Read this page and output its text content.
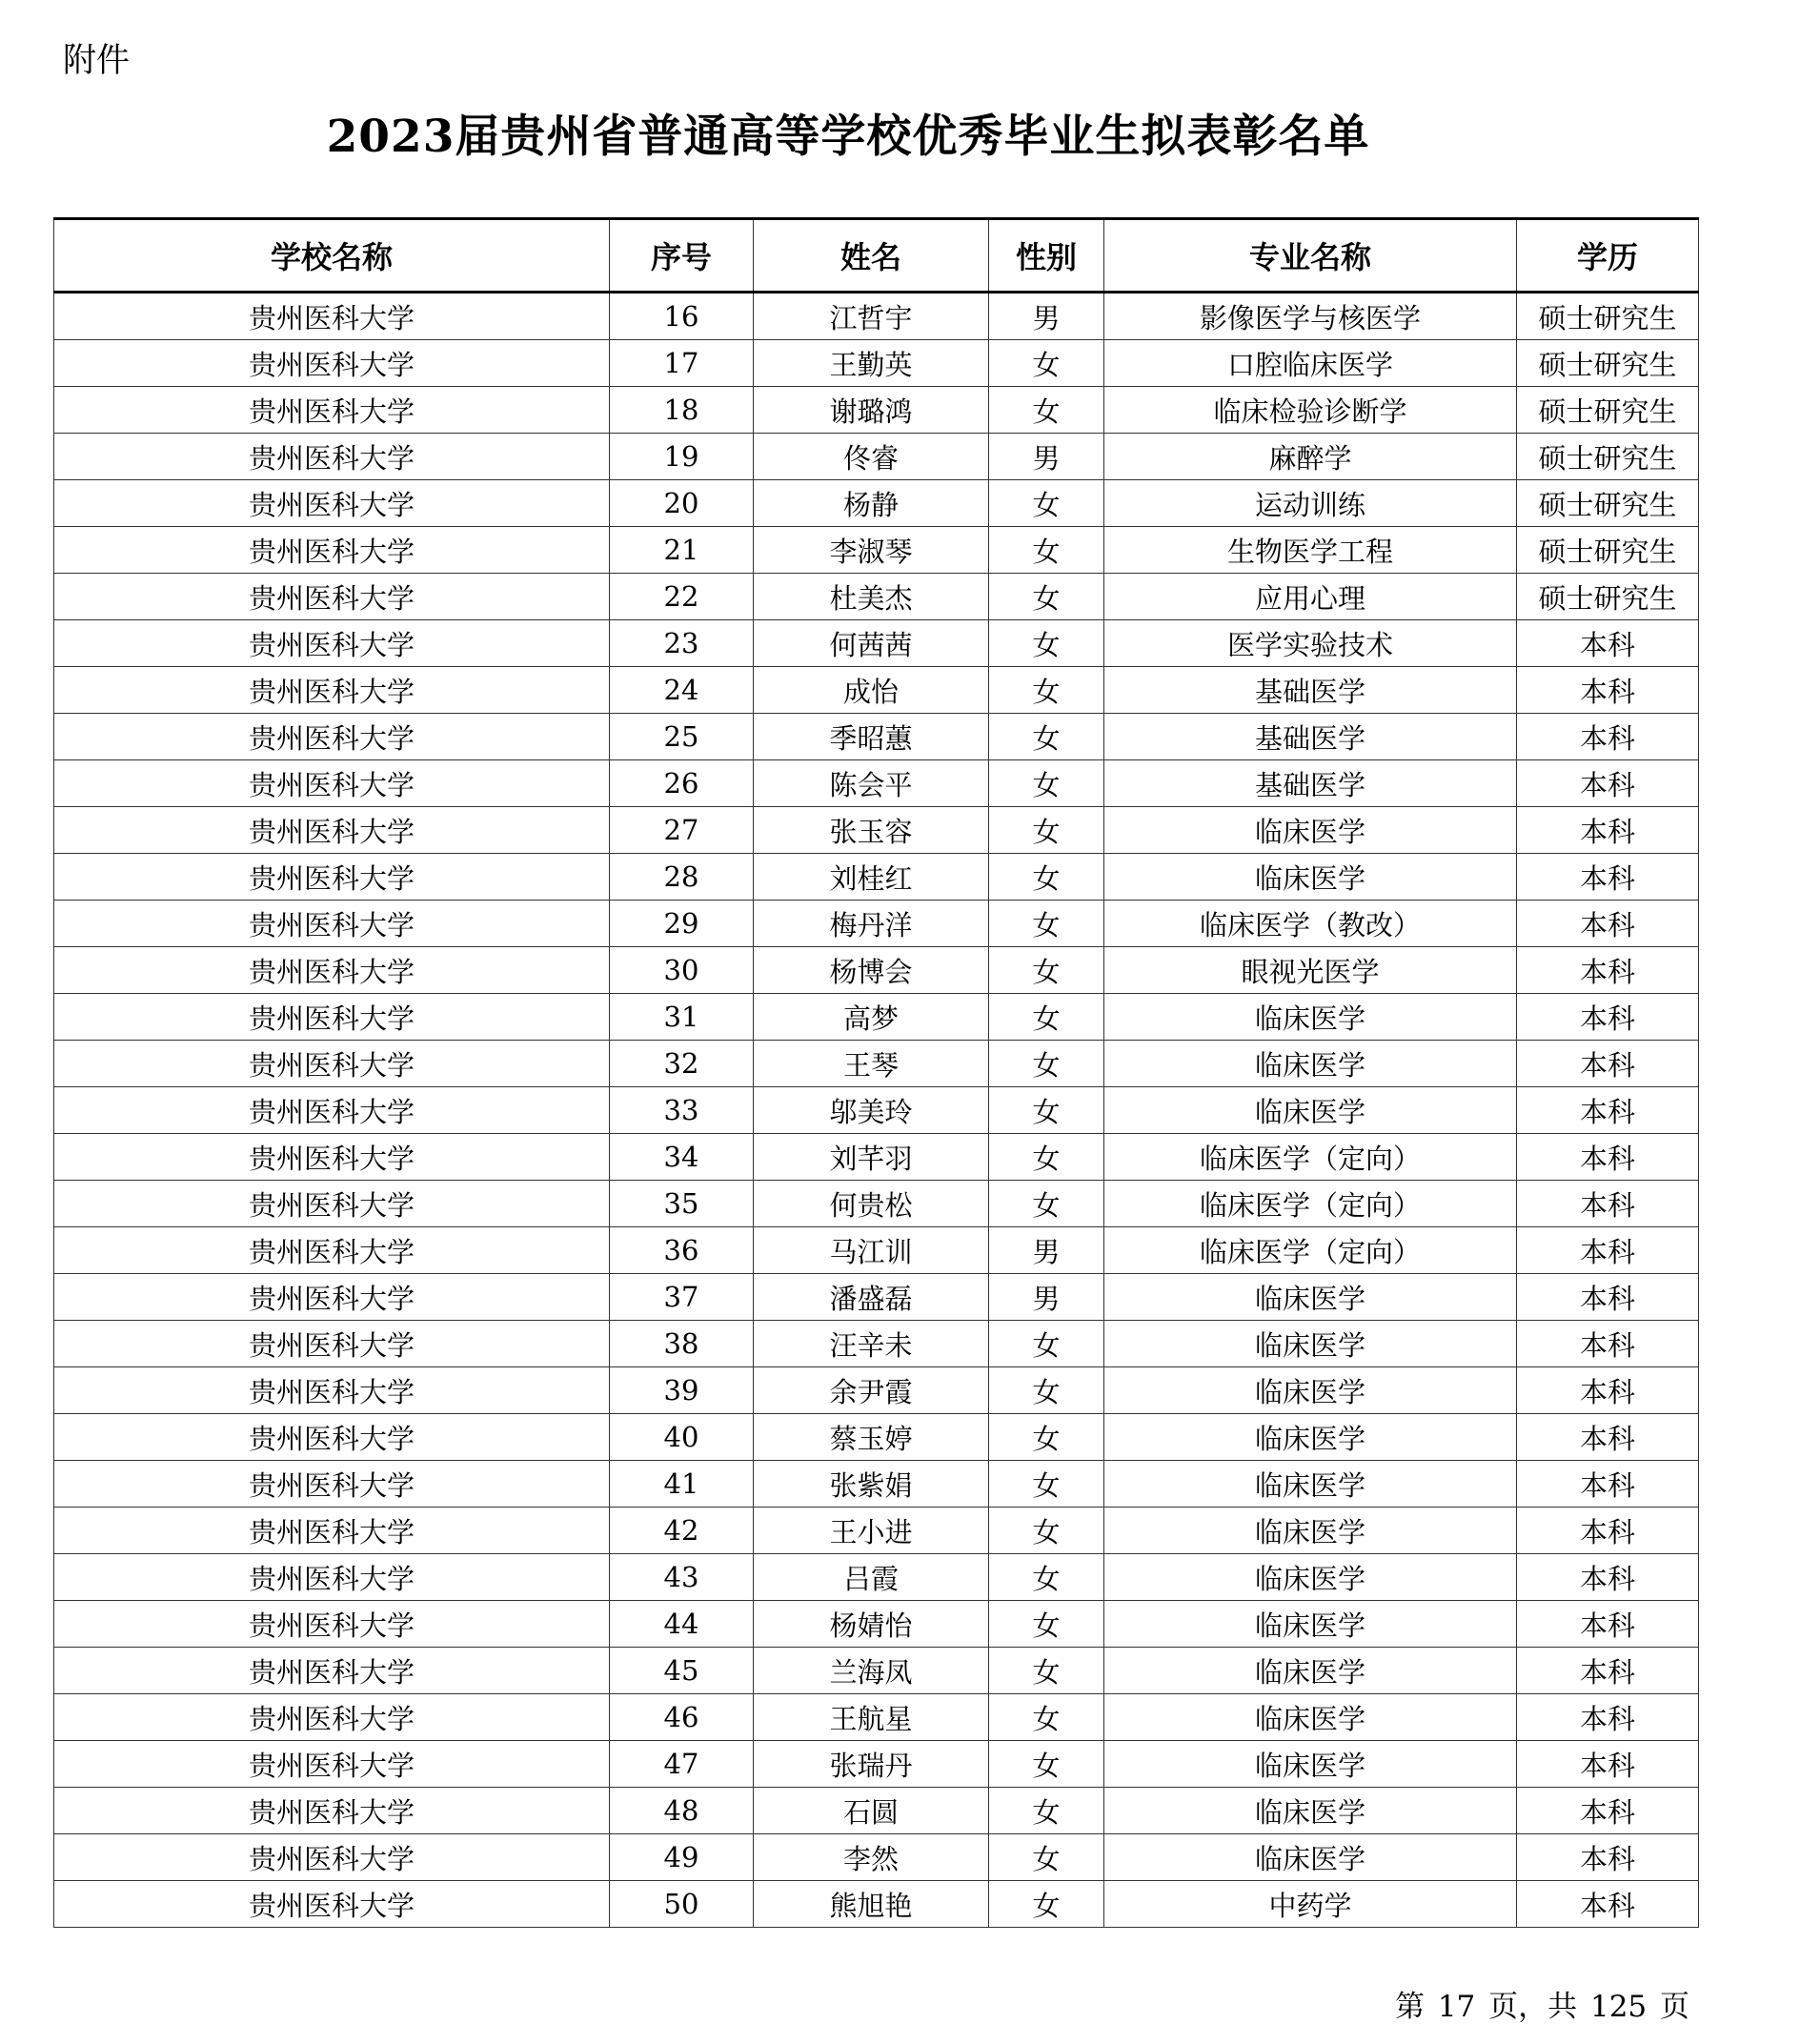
附件
2023届贵州省普通高等学校优秀毕业生拟表彰名单
学校名称	序号	姓名	性别	专业名称	学历
贵州医科大学	16	江哲宇	男	影像医学与核医学	硕士研究生
贵州医科大学	17	王勤英	女	口腔临床医学	硕士研究生
贵州医科大学	18	谢璐鸿	女	临床检验诊断学	硕士研究生
贵州医科大学	19	佟睿	男	麻醉学	硕士研究生
贵州医科大学	20	杨静	女	运动训练	硕士研究生
贵州医科大学	21	李淑琴	女	生物医学工程	硕士研究生
贵州医科大学	22	杜美杰	女	应用心理	硕士研究生
贵州医科大学	23	何茜茜	女	医学实验技术	本科
贵州医科大学	24	成怡	女	基础医学	本科
贵州医科大学	25	季昭蕙	女	基础医学	本科
贵州医科大学	26	陈会平	女	基础医学	本科
贵州医科大学	27	张玉容	女	临床医学	本科
贵州医科大学	28	刘桂红	女	临床医学	本科
贵州医科大学	29	梅丹洋	女	临床医学（教改）	本科
贵州医科大学	30	杨博会	女	眼视光医学	本科
贵州医科大学	31	高梦	女	临床医学	本科
贵州医科大学	32	王琴	女	临床医学	本科
贵州医科大学	33	邬美玲	女	临床医学	本科
贵州医科大学	34	刘芊羽	女	临床医学（定向）	本科
贵州医科大学	35	何贵松	女	临床医学（定向）	本科
贵州医科大学	36	马江训	男	临床医学（定向）	本科
贵州医科大学	37	潘盛磊	男	临床医学	本科
贵州医科大学	38	汪辛未	女	临床医学	本科
贵州医科大学	39	余尹霞	女	临床医学	本科
贵州医科大学	40	蔡玉婷	女	临床医学	本科
贵州医科大学	41	张紫娟	女	临床医学	本科
贵州医科大学	42	王小进	女	临床医学	本科
贵州医科大学	43	吕霞	女	临床医学	本科
贵州医科大学	44	杨婧怡	女	临床医学	本科
贵州医科大学	45	兰海凤	女	临床医学	本科
贵州医科大学	46	王航星	女	临床医学	本科
贵州医科大学	47	张瑞丹	女	临床医学	本科
贵州医科大学	48	石圆	女	临床医学	本科
贵州医科大学	49	李然	女	临床医学	本科
贵州医科大学	50	熊旭艳	女	中药学	本科
第 17 页，共 125 页
